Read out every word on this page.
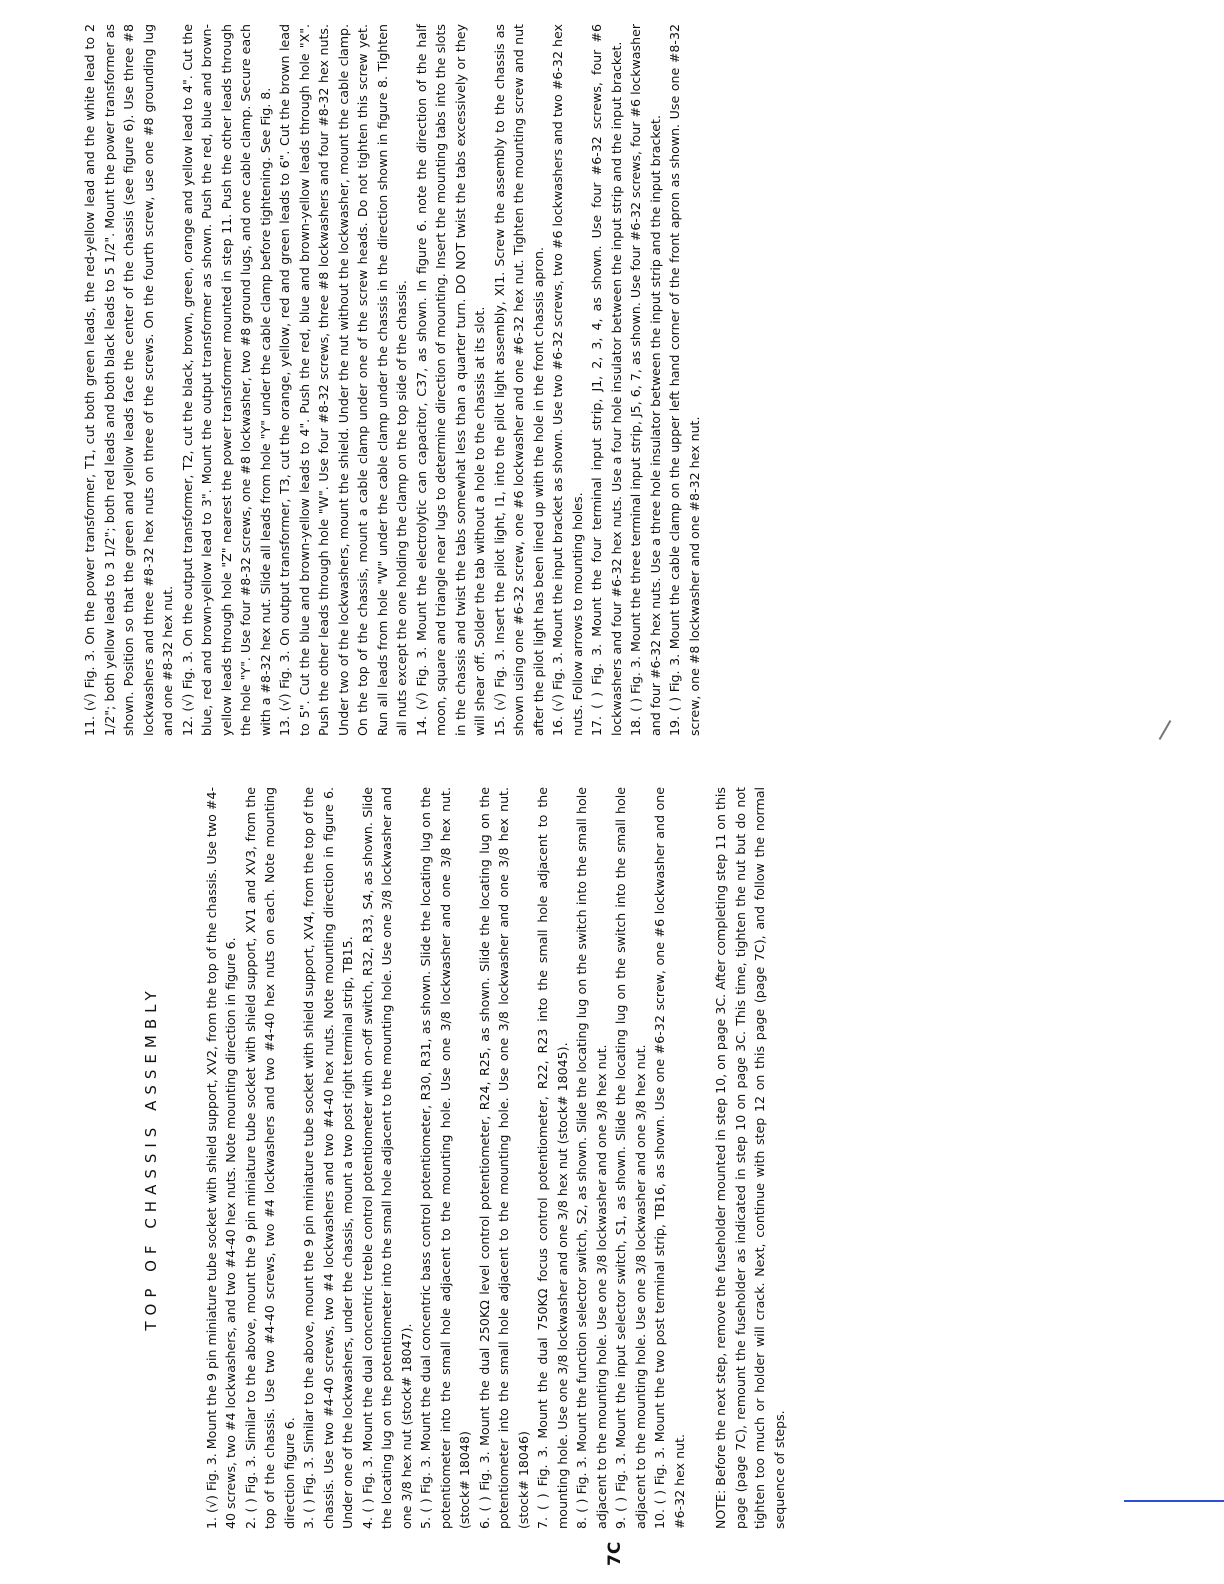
7C
TOP OF CHASSIS ASSEMBLY	1. (√) Fig. 3. Mount the 9 pin miniature tube socket with shield support, XV2, from the top of the chassis. Use two #4-40 screws, two #4 lockwashers, and two #4-40 hex nuts. Note mounting direction in figure 6. 2. ( ) Fig. 3. Similar to the above, mount the 9 pin miniature tube socket with shield support, XV1 and XV3, from the top of the chassis. Use two #4-40 screws, two #4 lockwashers and two #4-40 hex nuts on each. Note mounting direction figure 6. 3. ( ) Fig. 3. Similar to the above, mount the 9 pin miniature tube socket with shield support, XV4, from the top of the chassis. Use two #4-40 screws, two #4 lockwashers and two #4-40 hex nuts. Note mounting direction in figure 6. Under one of the lockwashers, under the chassis, mount a two post right terminal strip, TB15. 4. ( ) Fig. 3. Mount the dual concentric treble control potentiometer with on-off switch, R32, R33, S4, as shown. Slide the locating lug on the potentiometer into the small hole adjacent to the mounting hole. Use one 3/8 lockwasher and one 3/8 hex nut (stock# 18047). 5. ( ) Fig. 3. Mount the dual concentric bass control potentiometer, R30, R31, as shown. Slide the locating lug on the potentiometer into the small hole adjacent to the mounting hole. Use one 3/8 lockwasher and one 3/8 hex nut. (stock# 18048) 6. ( ) Fig. 3. Mount the dual 250KΩ level control potentiometer, R24, R25, as shown. Slide the locating lug on the potentiometer into the small hole adjacent to the mounting hole. Use one 3/8 lockwasher and one 3/8 hex nut. (stock# 18046) 7. ( ) Fig. 3. Mount the dual 750KΩ focus control potentiometer, R22, R23 into the small hole adjacent to the mounting hole. Use one 3/8 lockwasher and one 3/8 hex nut (stock# 18045). 8. ( ) Fig. 3. Mount the function selector switch, S2, as shown. Slide the locating lug on the switch into the small hole adjacent to the mounting hole. Use one 3/8 lockwasher and one 3/8 hex nut. 9. ( ) Fig. 3. Mount the input selector switch, S1, as shown. Slide the locating lug on the switch into the small hole adjacent to the mounting hole. Use one 3/8 lockwasher and one 3/8 hex nut. 10. ( ) Fig. 3. Mount the two post terminal strip, TB16, as shown. Use one #6-32 screw, one #6 lockwasher and one #6-32 hex nut. NOTE: Before the next step, remove the fuseholder mounted in step 10, on page 3C. After completing step 11 on this page (page 7C), remount the fuseholder as indicated in step 10 on page 3C. This time, tighten the nut but do not tighten too much or holder will crack. Next, continue with step 12 on this page (page 7C), and follow the normal sequence of steps.

11. (√) Fig. 3. On the power transformer, T1, cut both green leads, the red-yellow lead and the white lead to 2 1/2"; both yellow leads to 3 1/2"; both red leads and both black leads to 5 1/2". Mount the power transformer as shown. Position so that the green and yellow leads face the center of the chassis (see figure 6). Use three #8 lockwashers and three #8-32 hex nuts on three of the screws. On the fourth screw, use one #8 grounding lug and one #8-32 hex nut. 12. (√) Fig. 3. On the output transformer, T2, cut the black, brown, green, orange and yellow lead to 4". Cut the blue, red and brown-yellow lead to 3". Mount the output transformer as shown. Push the red, blue and brown-yellow leads through hole "Z" nearest the power transformer mounted in step 11. Push the other leads through the hole "Y". Use four #8-32 screws, one #8 lockwasher, two #8 ground lugs, and one cable clamp. Secure each with a #8-32 hex nut. Slide all leads from hole "Y" under the cable clamp before tightening. See Fig. 8. 13. (√) Fig. 3. On output transformer, T3, cut the orange, yellow, red and green leads to 6". Cut the brown lead to 5". Cut the blue and brown-yellow leads to 4". Push the red, blue and brown-yellow leads through hole "X". Push the other leads through hole "W". Use four #8-32 screws, three #8 lockwashers and four #8-32 hex nuts. Under two of the lockwashers, mount the shield. Under the nut without the lockwasher, mount the cable clamp. On the top of the chassis, mount a cable clamp under one of the screw heads. Do not tighten this screw yet. Run all leads from hole "W" under the cable clamp under the chassis in the direction shown in figure 8. Tighten all nuts except the one holding the clamp on the top side of the chassis. 14. (√) Fig. 3. Mount the electrolytic can capacitor, C37, as shown. In figure 6. note the direction of the half moon, square and triangle near lugs to determine direction of mounting. Insert the mounting tabs into the slots in the chassis and twist the tabs somewhat less than a quarter turn. DO NOT twist the tabs excessively or they will shear off. Solder the tab without a hole to the chassis at its slot. 15. (√) Fig. 3. Insert the pilot light, I1, into the pilot light assembly, XI1. Screw the assembly to the chassis as shown using one #6-32 screw, one #6 lockwasher and one #6-32 hex nut. Tighten the mounting screw and nut after the pilot light has been lined up with the hole in the front chassis apron. 16. (√) Fig. 3. Mount the input bracket as shown. Use two #6-32 screws, two #6 lockwashers and two #6-32 hex nuts. Follow arrows to mounting holes. 17. ( ) Fig. 3. Mount the four terminal input strip, J1, 2, 3, 4, as shown. Use four #6-32 screws, four #6 lockwashers and four #6-32 hex nuts. Use a four hole insulator between the input strip and the input bracket. 18. ( ) Fig. 3. Mount the three terminal input strip, J5, 6, 7, as shown. Use four #6-32 screws, four #6 lockwasher and four #6-32 hex nuts. Use a three hole insulator between the input strip and the input bracket. 19. ( ) Fig. 3. Mount the cable clamp on the upper left hand corner of the front apron as shown. Use one #8-32 screw, one #8 lockwasher and one #8-32 hex nut.
